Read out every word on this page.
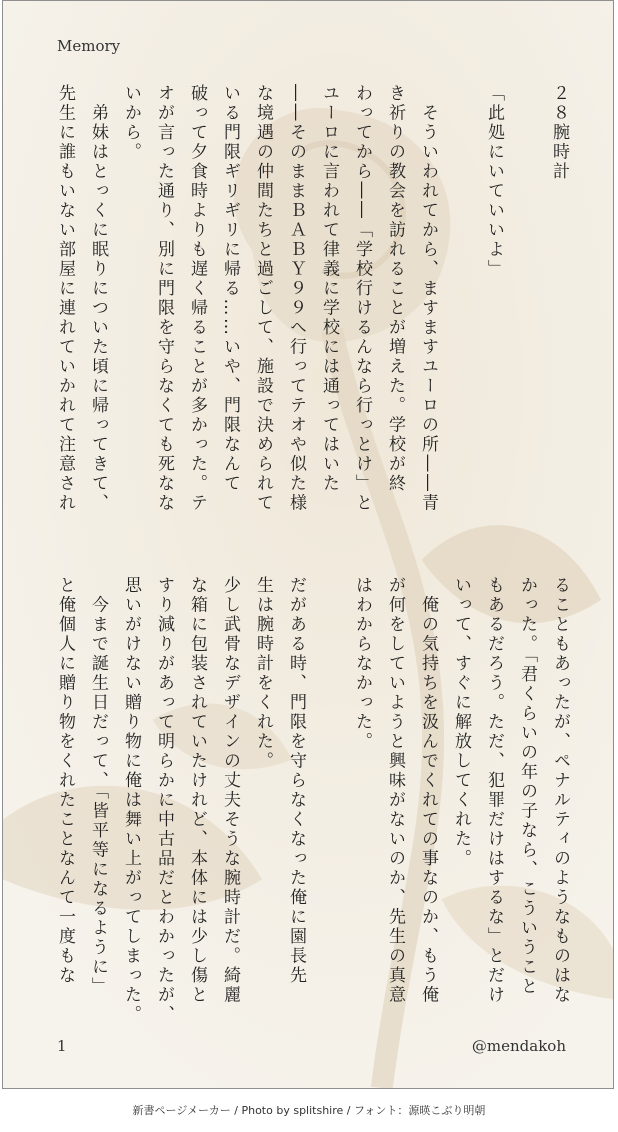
Memory
２８腕時計
「此処にいていいよ」
　そういわれてから、ますますユーロの所――青
き祈りの教会を訪れることが増えた。学校が終
わってから――「学校行けるんなら行っとけ」と
ユーロに言われて律義に学校には通ってはいた
――そのままＢＡＢＹ９９へ行ってテオや似た様
な境遇の仲間たちと過ごして、施設で決められて
いる門限ギリギリに帰る……いや、門限なんて
破って夕食時よりも遅く帰ることが多かった。テ
オが言った通り、別に門限を守らなくても死なな
いから。
　弟妹はとっくに眠りについた頃に帰ってきて、
先生に誰もいない部屋に連れていかれて注意され
ることもあったが、ペナルティのようなものはな
かった。「君くらいの年の子なら、こういうこと
もあるだろう。ただ、犯罪だけはするな」とだけ
いって、すぐに解放してくれた。
　俺の気持ちを汲んでくれての事なのか、もう俺
が何をしていようと興味がないのか、先生の真意
はわからなかった。
だがある時、門限を守らなくなった俺に園長先
生は腕時計をくれた。
少し武骨なデザインの丈夫そうな腕時計だ。綺麗
な箱に包装されていたけれど、本体には少し傷と
すり減りがあって明らかに中古品だとわかったが、
思いがけない贈り物に俺は舞い上がってしまった。
　今まで誕生日だって、「皆平等になるように」
と俺個人に贈り物をくれたことなんて一度もな
1	@mendakoh
新書ページメーカー / Photo by splitshire / フォント：源暎こぶり明朝
